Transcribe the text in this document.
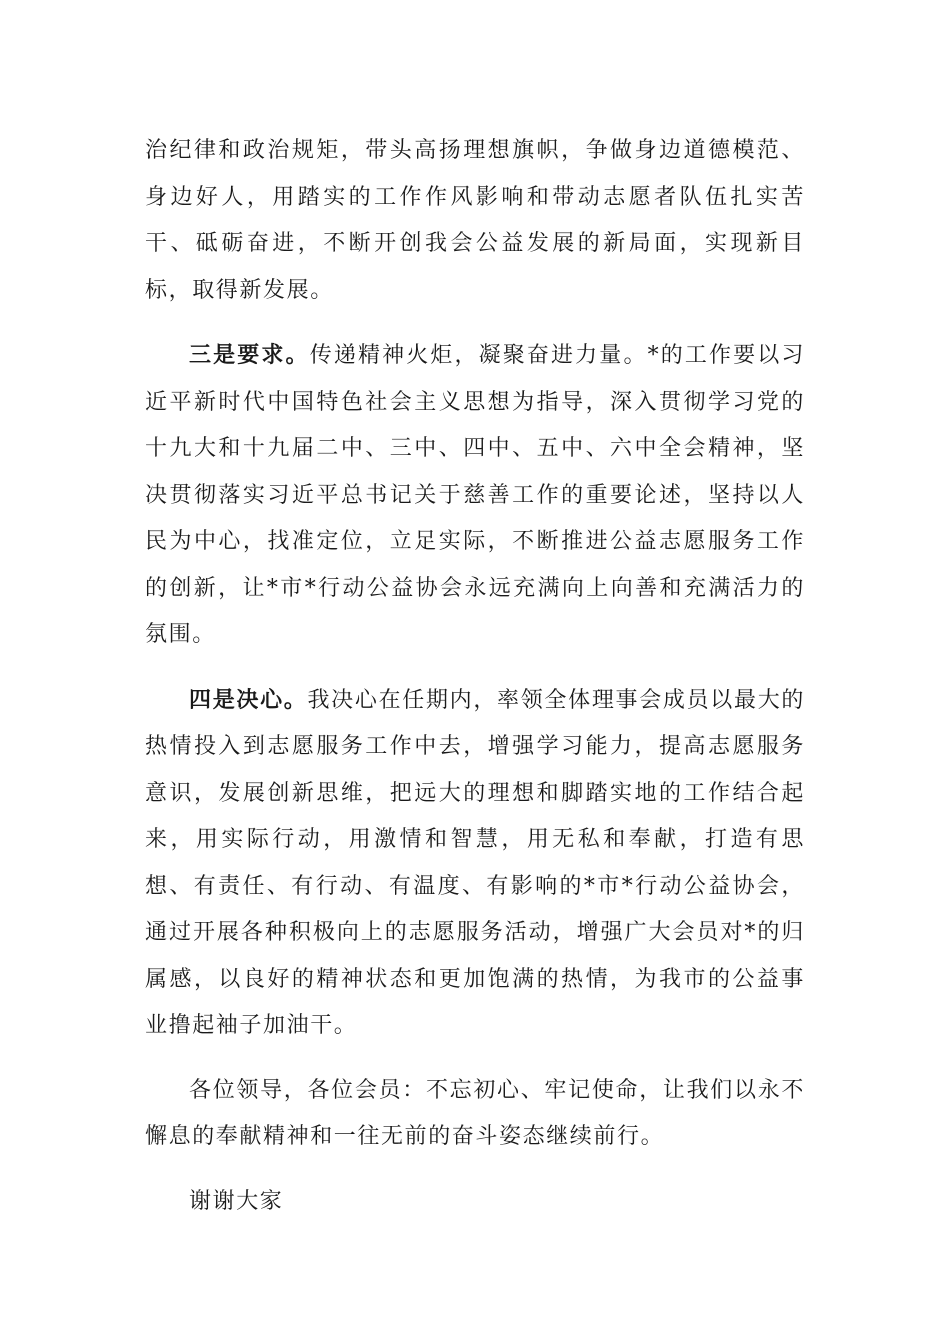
治纪律和政治规矩，带头高扬理想旗帜，争做身边道德模范、身边好人，用踏实的工作作风影响和带动志愿者队伍扎实苦干、砥砺奋进，不断开创我会公益发展的新局面，实现新目标，取得新发展。

三是要求。传递精神火炬，凝聚奋进力量。*的工作要以习近平新时代中国特色社会主义思想为指导，深入贯彻学习党的十九大和十九届二中、三中、四中、五中、六中全会精神，坚决贯彻落实习近平总书记关于慈善工作的重要论述，坚持以人民为中心，找准定位，立足实际，不断推进公益志愿服务工作的创新，让*市*行动公益协会永远充满向上向善和充满活力的氛围。

四是决心。我决心在任期内，率领全体理事会成员以最大的热情投入到志愿服务工作中去，增强学习能力，提高志愿服务意识，发展创新思维，把远大的理想和脚踏实地的工作结合起来，用实际行动，用激情和智慧，用无私和奉献，打造有思想、有责任、有行动、有温度、有影响的*市*行动公益协会，通过开展各种积极向上的志愿服务活动，增强广大会员对*的归属感，以良好的精神状态和更加饱满的热情，为我市的公益事业撸起袖子加油干。

各位领导，各位会员：不忘初心、牢记使命，让我们以永不懈息的奉献精神和一往无前的奋斗姿态继续前行。

谢谢大家
